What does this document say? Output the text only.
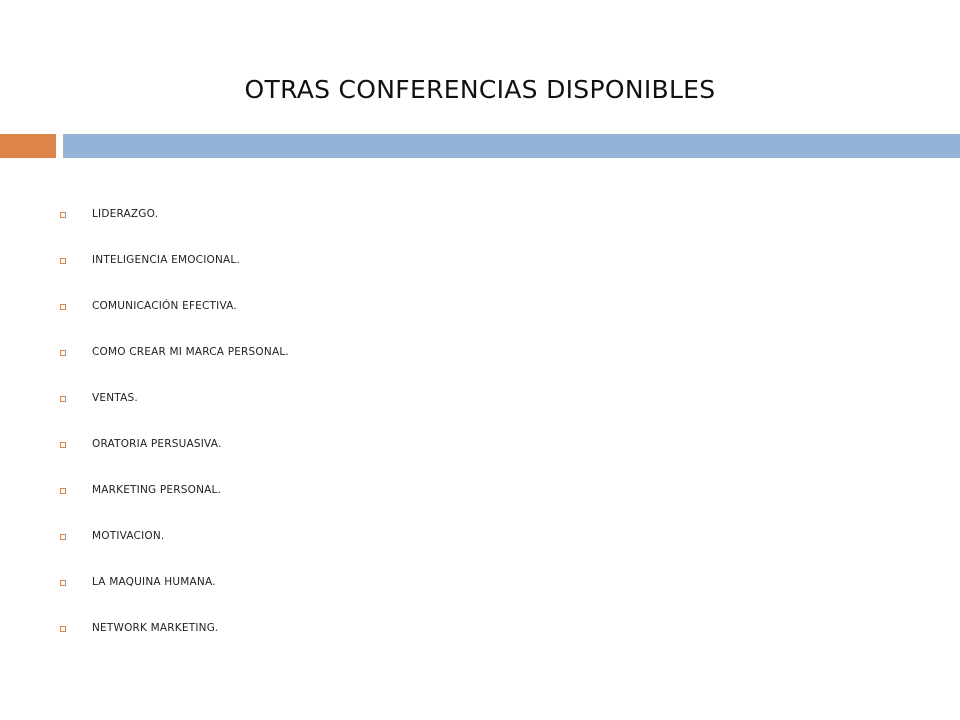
OTRAS CONFERENCIAS DISPONIBLES
LIDERAZGO.
INTELIGENCIA EMOCIONAL.
COMUNICACIÓN EFECTIVA.
COMO CREAR MI MARCA PERSONAL.
VENTAS.
ORATORIA PERSUASIVA.
MARKETING PERSONAL.
MOTIVACION.
LA MAQUINA HUMANA.
NETWORK MARKETING.
